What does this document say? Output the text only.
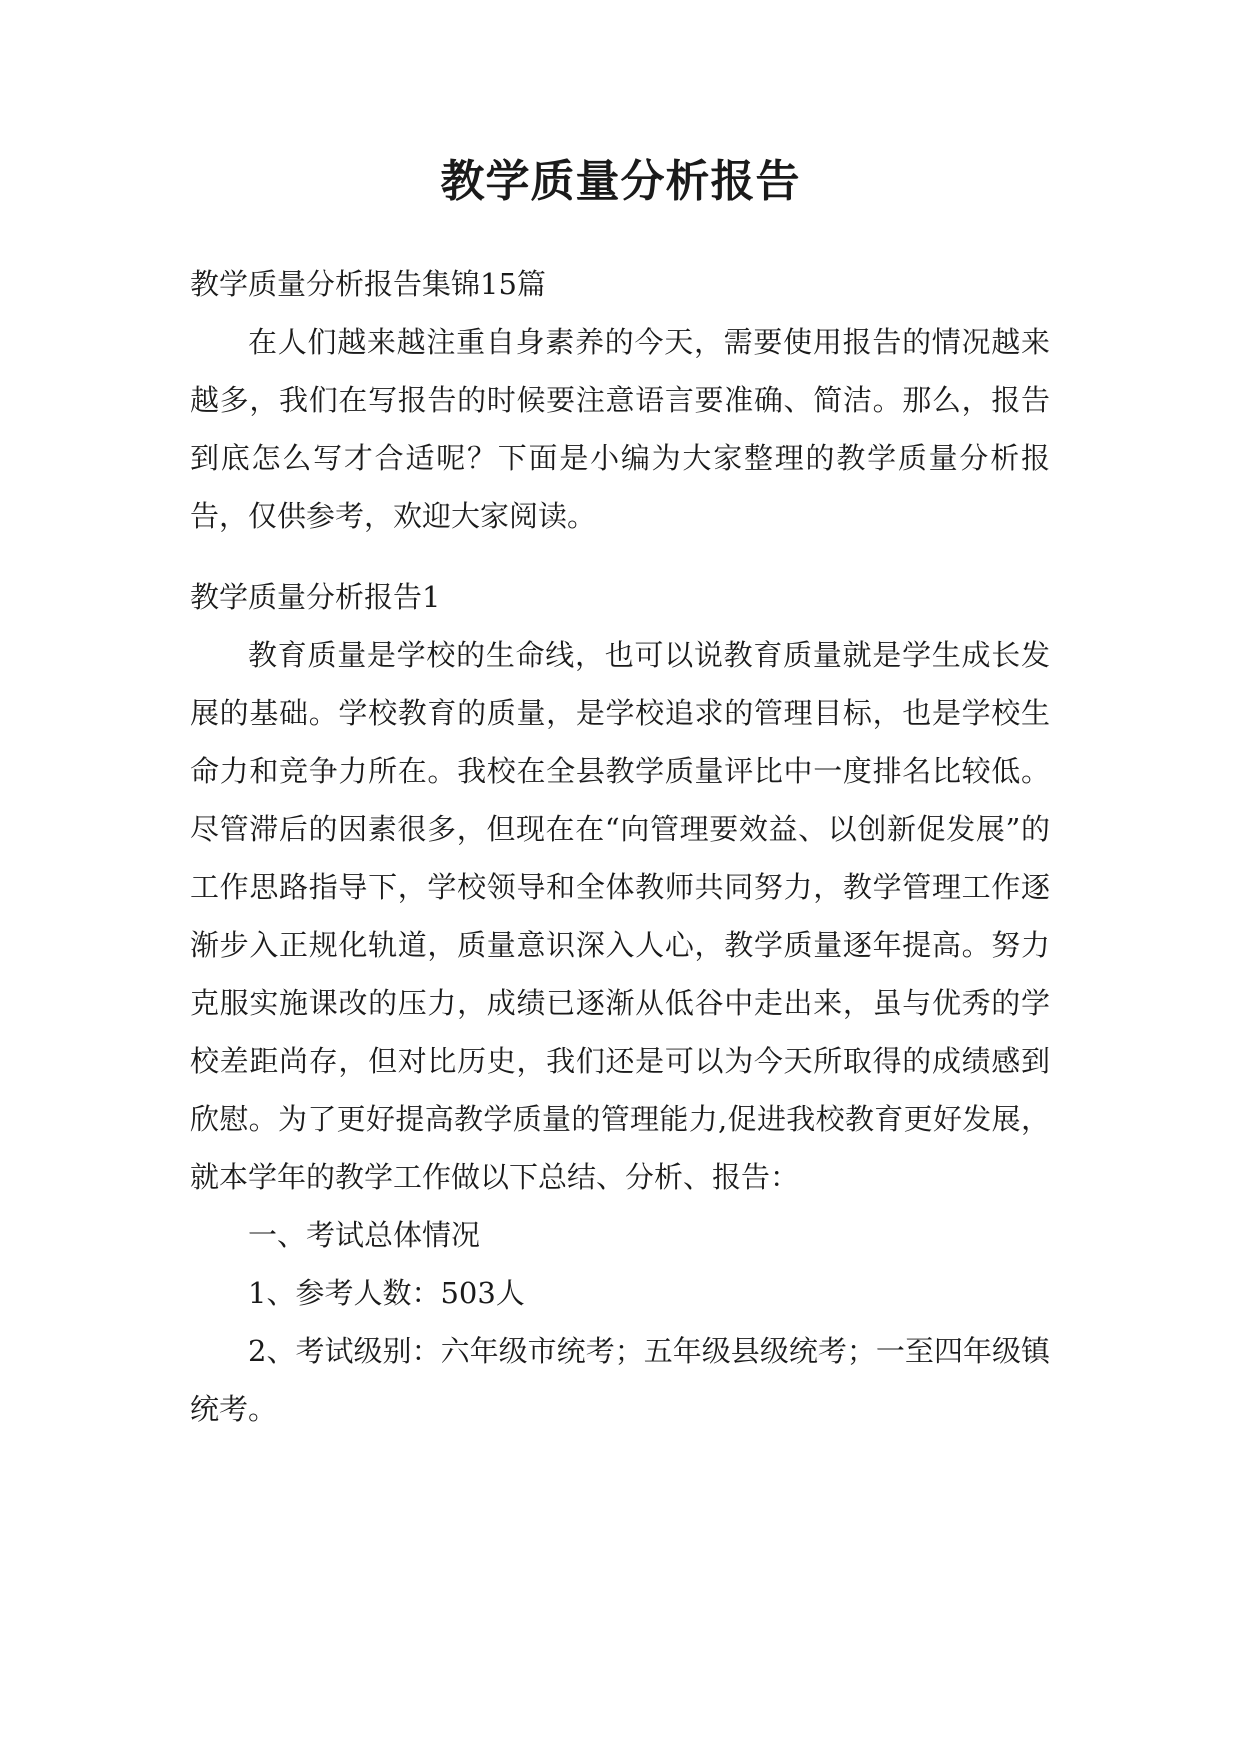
教学质量分析报告
教学质量分析报告集锦15篇

在人们越来越注重自身素养的今天，需要使用报告的情况越来越多，我们在写报告的时候要注意语言要准确、简洁。那么，报告到底怎么写才合适呢？下面是小编为大家整理的教学质量分析报告，仅供参考，欢迎大家阅读。

教学质量分析报告1

教育质量是学校的生命线，也可以说教育质量就是学生成长发展的基础。学校教育的质量，是学校追求的管理目标，也是学校生命力和竞争力所在。我校在全县教学质量评比中一度排名比较低。尽管滞后的因素很多，但现在在“向管理要效益、以创新促发展”的工作思路指导下，学校领导和全体教师共同努力，教学管理工作逐渐步入正规化轨道，质量意识深入人心，教学质量逐年提高。努力克服实施课改的压力，成绩已逐渐从低谷中走出来，虽与优秀的学校差距尚存，但对比历史，我们还是可以为今天所取得的成绩感到欣慰。为了更好提高教学质量的管理能力,促进我校教育更好发展，就本学年的教学工作做以下总结、分析、报告：

一、考试总体情况

1、参考人数：503人

2、考试级别：六年级市统考；五年级县级统考；一至四年级镇统考。
